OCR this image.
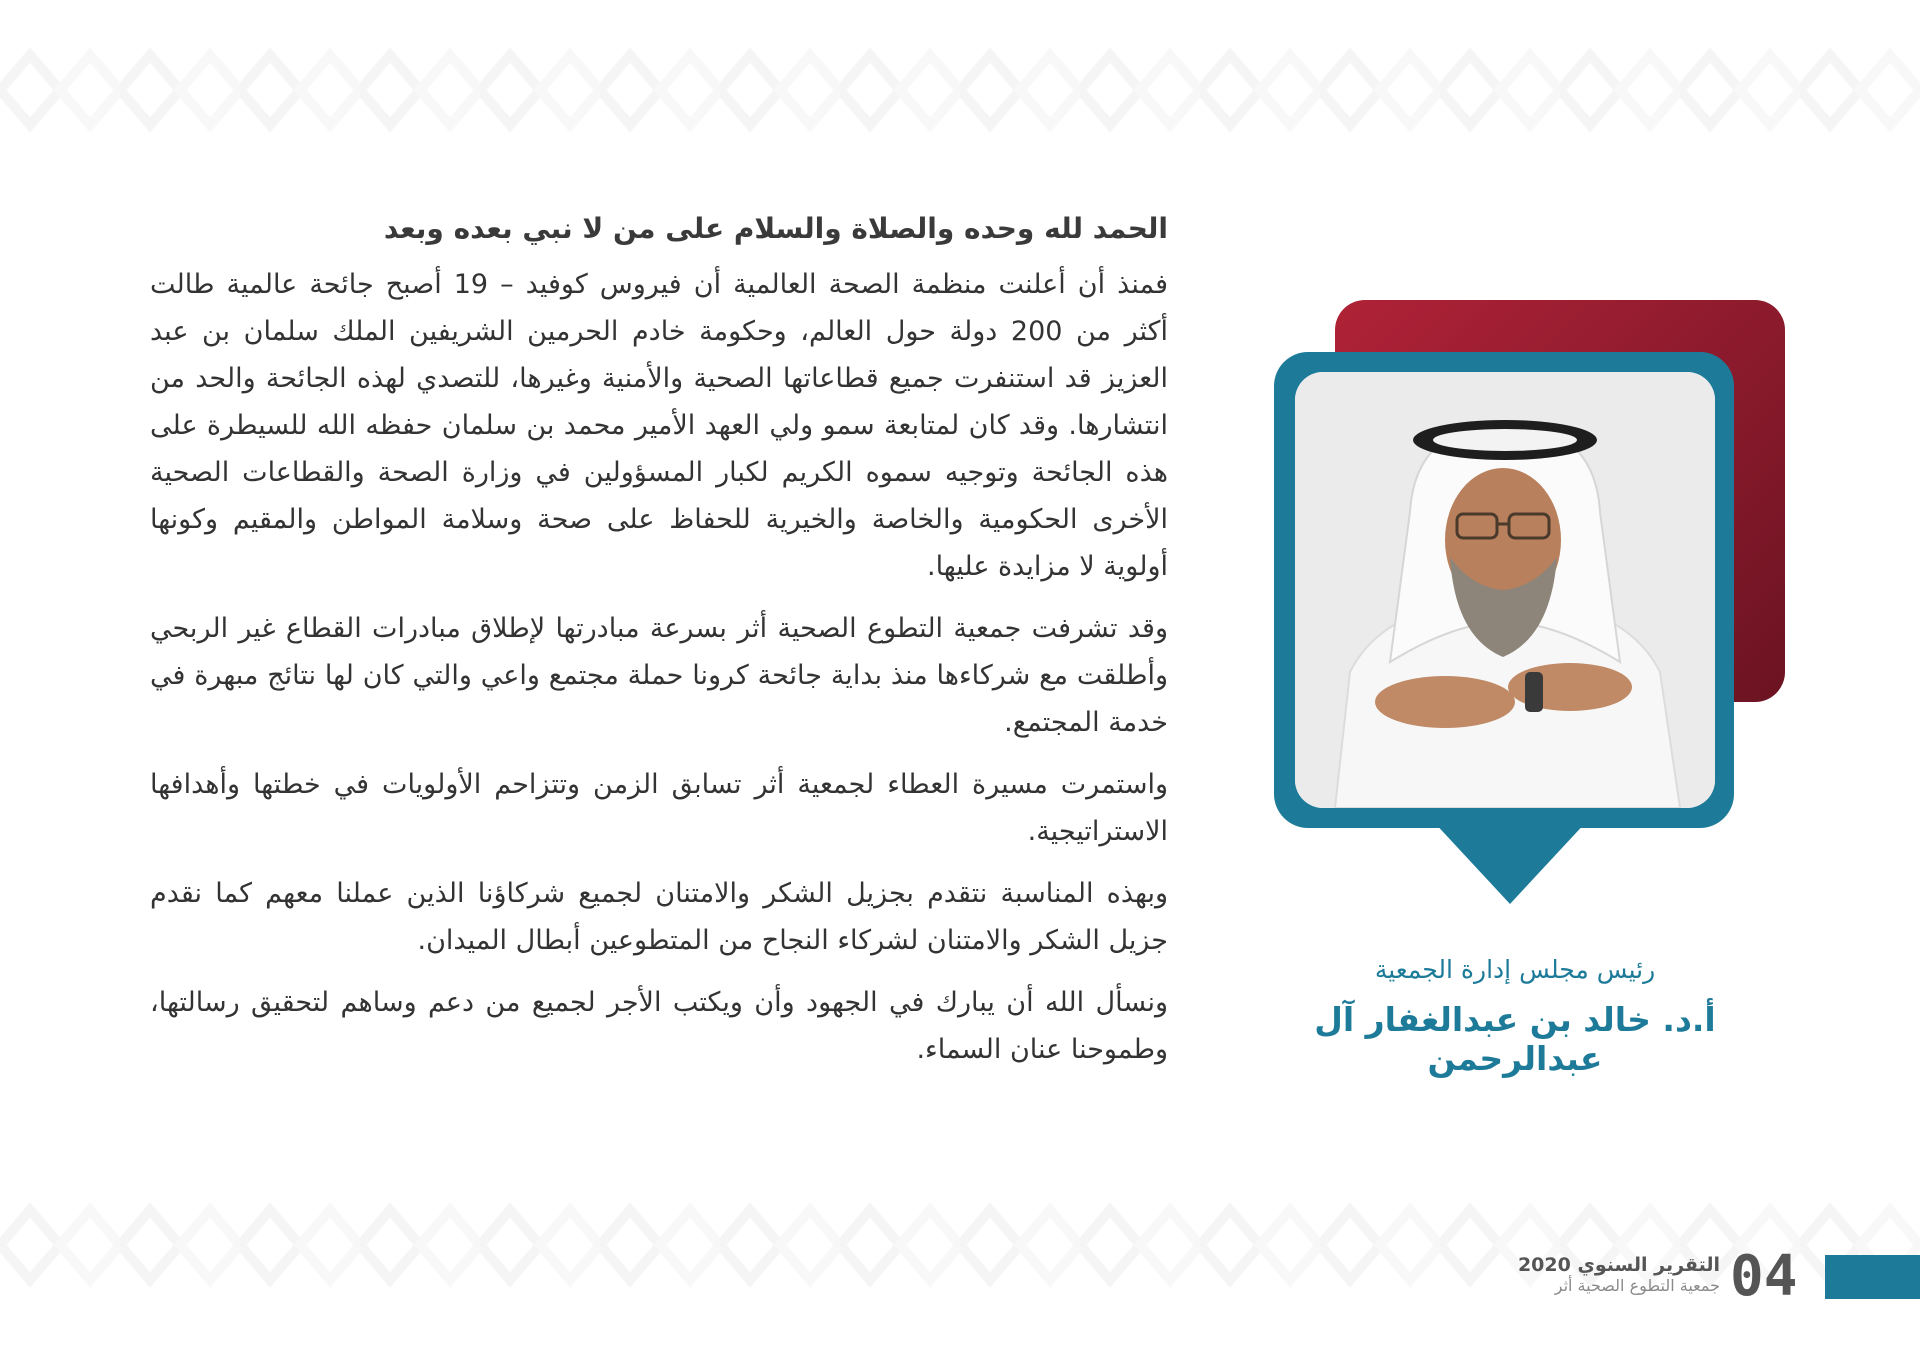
الحمد لله وحده والصلاة والسلام على من لا نبي بعده وبعد

فمنذ أن أعلنت منظمة الصحة العالمية أن فيروس كوفيد – 19 أصبح جائحة عالمية طالت أكثر من 200 دولة حول العالم، وحكومة خادم الحرمين الشريفين الملك سلمان بن عبد العزيز قد استنفرت جميع قطاعاتها الصحية والأمنية وغيرها، للتصدي لهذه الجائحة والحد من انتشارها. وقد كان لمتابعة سمو ولي العهد الأمير محمد بن سلمان حفظه الله للسيطرة على هذه الجائحة وتوجيه سموه الكريم لكبار المسؤولين في وزارة الصحة والقطاعات الصحية الأخرى الحكومية والخاصة والخيرية للحفاظ على صحة وسلامة المواطن والمقيم وكونها أولوية لا مزايدة عليها.

وقد تشرفت جمعية التطوع الصحية أثر بسرعة مبادرتها لإطلاق مبادرات القطاع غير الربحي وأطلقت مع شركاءها منذ بداية جائحة كرونا حملة مجتمع واعي والتي كان لها نتائج مبهرة في خدمة المجتمع.

واستمرت مسيرة العطاء لجمعية أثر تسابق الزمن وتتزاحم الأولويات في خطتها وأهدافها الاستراتيجية.

وبهذه المناسبة نتقدم بجزيل الشكر والامتنان لجميع شركاؤنا الذين عملنا معهم كما نقدم جزيل الشكر والامتنان لشركاء النجاح من المتطوعين أبطال الميدان.

ونسأل الله أن يبارك في الجهود وأن ويكتب الأجر لجميع من دعم وساهم لتحقيق رسالتها، وطموحنا عنان السماء.

رئيس مجلس إدارة الجمعية
أ.د. خالد بن عبدالغفار آل عبدالرحمن
04
التقرير السنوي 2020
جمعية التطوع الصحية أثر
